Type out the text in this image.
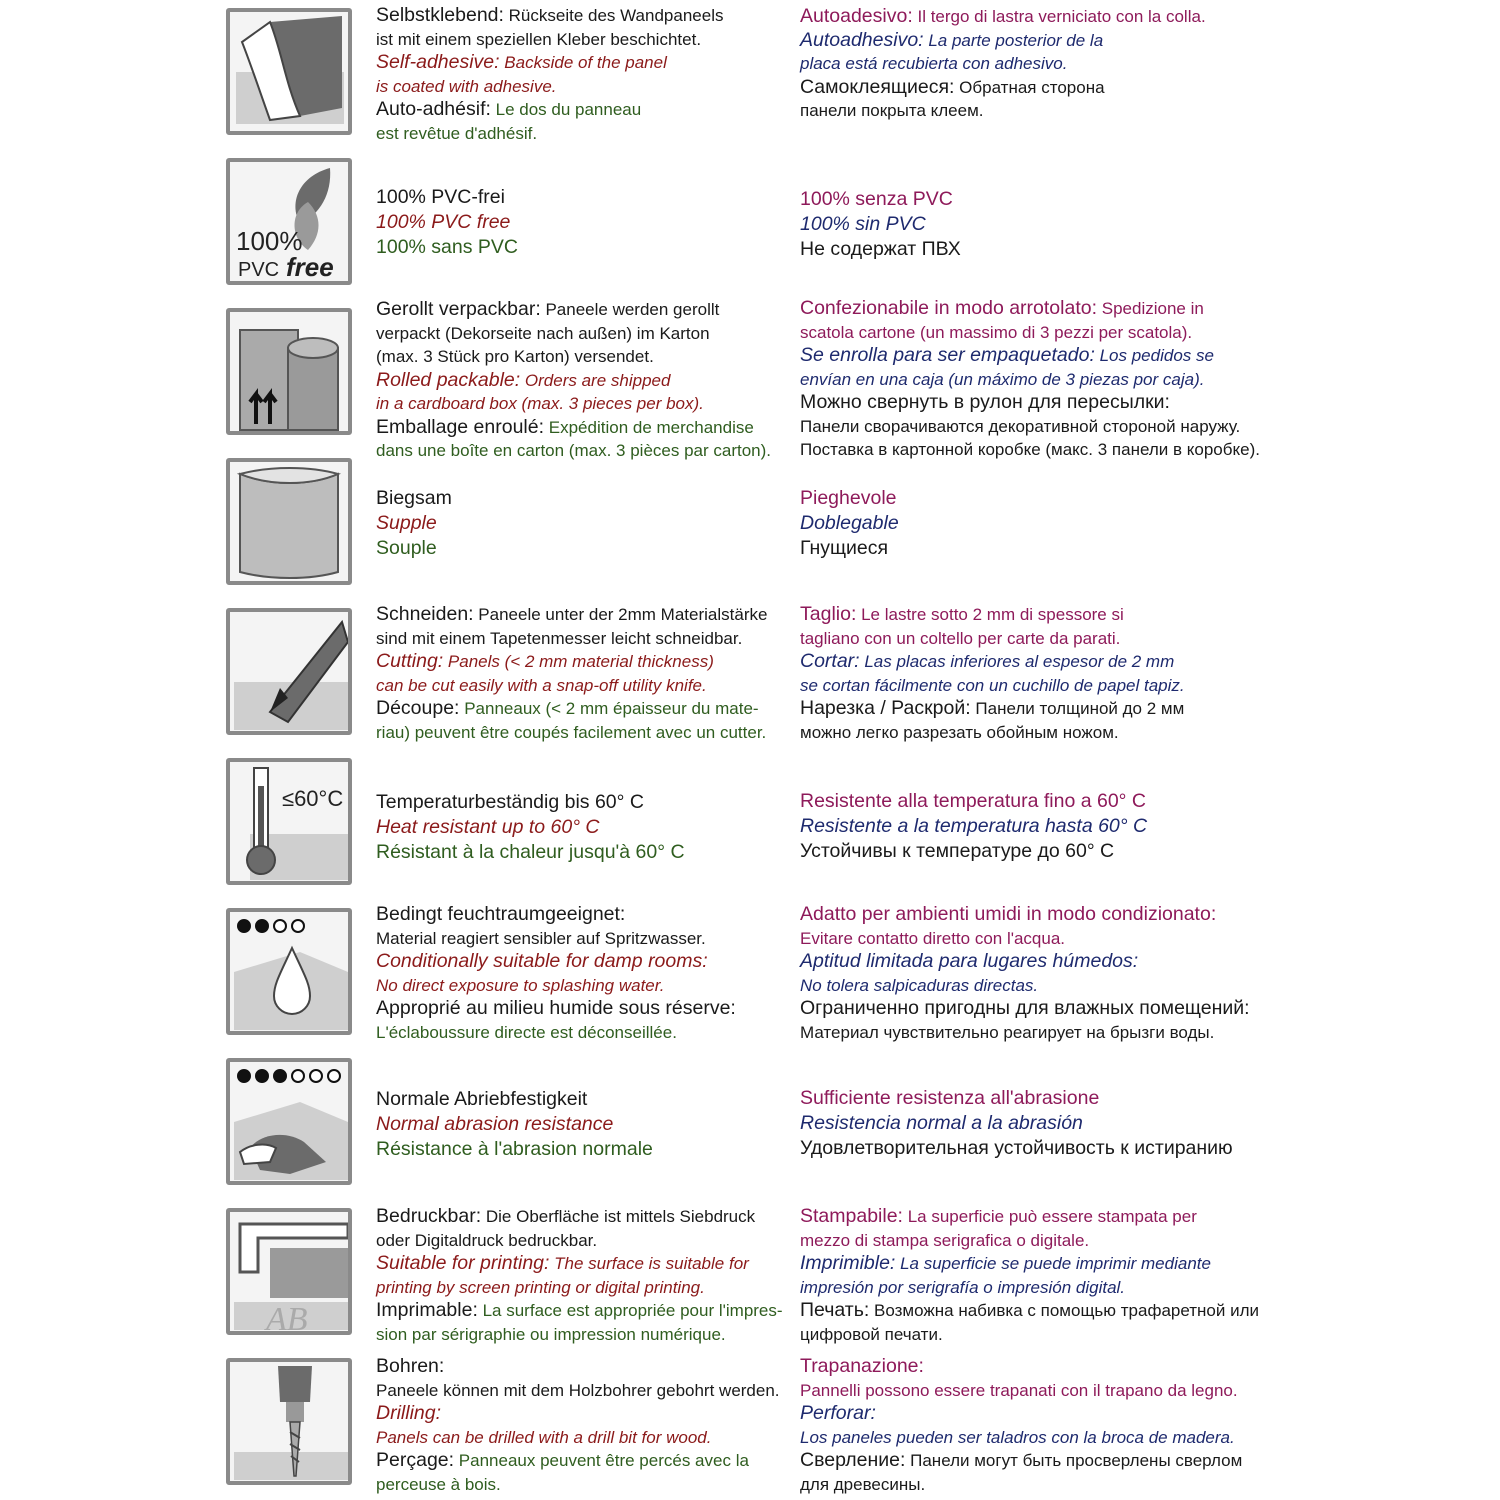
Selbstklebend: Rückseite des Wandpaneels
ist mit einem speziellen Kleber beschichtet.
Self-adhesive: Backside of the panel
is coated with adhesive.
Auto-adhésif: Le dos du panneau
est revêtue d'adhésif.
Autoadesivo: Il tergo di lastra verniciato con la colla.
Autoadhesivo: La parte posterior de la
placa está recubierta con adhesivo.
Самоклеящиеся: Обратная сторона
панели покрыта клеем.
100%
PVC free
100% PVC-frei
100% PVC free
100% sans PVC
100% senza PVC
100% sin PVC
Не содержат ПВХ
Gerollt verpackbar: Paneele werden gerollt
verpackt (Dekorseite nach außen) im Karton
(max. 3 Stück pro Karton) versendet.
Rolled packable: Orders are shipped
in a cardboard box (max. 3 pieces per box).
Emballage enroulé: Expédition de merchandise
dans une boîte en carton (max. 3 pièces par carton).
Confezionabile in modo arrotolato: Spedizione in
scatola cartone (un massimo di 3 pezzi per scatola).
Se enrolla para ser empaquetado: Los pedidos se
envían en una caja (un máximo de 3 piezas por caja).
Можно свернуть в рулон для пересылки:
Панели сворачиваются декоративной стороной наружу.
Поставка в картонной коробке (макс. 3 панели в коробке).
Biegsam
Supple
Souple
Pieghevole
Doblegable
Гнущиеся
Schneiden: Paneele unter der 2mm Materialstärke
sind mit einem Tapetenmesser leicht schneidbar.
Cutting: Panels (< 2 mm material thickness)
can be cut easily with a snap-off utility knife.
Découpe: Panneaux (< 2 mm épaisseur du mate-
riau) peuvent être coupés facilement avec un cutter.
Taglio: Le lastre sotto 2 mm di spessore si
tagliano con un coltello per carte da parati.
Cortar: Las placas inferiores al espesor de 2 mm
se cortan fácilmente con un cuchillo de papel tapiz.
Нарезка / Раскрой: Панели толщиной до 2 мм
можно легко разрезать обойным ножом.
≤60°C Temperaturbeständig bis 60° C
Heat resistant up to 60° C
Résistant à la chaleur jusqu'à 60° C
Resistente alla temperatura fino a 60° C
Resistente a la temperatura hasta 60° C
Устойчивы к температуре до 60° C
Bedingt feuchtraumgeeignet:
Material reagiert sensibler auf Spritzwasser.
Conditionally suitable for damp rooms:
No direct exposure to splashing water.
Approprié au milieu humide sous réserve:
L'éclaboussure directe est déconseillée.
Adatto per ambienti umidi in modo condizionato:
Evitare contatto diretto con l'acqua.
Aptitud limitada para lugares húmedos:
No tolera salpicaduras directas.
Ограниченно пригодны для влажных помещений:
Материал чувствительно реагирует на брызги воды.
Normale Abriebfestigkeit
Normal abrasion resistance
Résistance à l'abrasion normale
Sufficiente resistenza all'abrasione
Resistencia normal a la abrasión
Удовлетворительная устойчивость к истиранию
AB
Bedruckbar: Die Oberfläche ist mittels Siebdruck
oder Digitaldruck bedruckbar.
Suitable for printing: The surface is suitable for
printing by screen printing or digital printing.
Imprimable: La surface est appropriée pour l'impres-
sion par sérigraphie ou impression numérique.
Stampabile: La superficie può essere stampata per
mezzo di stampa serigrafica o digitale.
Imprimible: La superficie se puede imprimir mediante
impresión por serigrafía o impresión digital.
Печать: Возможна набивка с помощью трафаретной или
цифровой печати.
Bohren:
Paneele können mit dem Holzbohrer gebohrt werden.
Drilling:
Panels can be drilled with a drill bit for wood.
Perçage: Panneaux peuvent être percés avec la
perceuse à bois.
Trapanazione:
Pannelli possono essere trapanati con il trapano da legno.
Perforar:
Los paneles pueden ser taladros con la broca de madera.
Сверление: Панели могут быть просверлены сверлом
для древесины.
